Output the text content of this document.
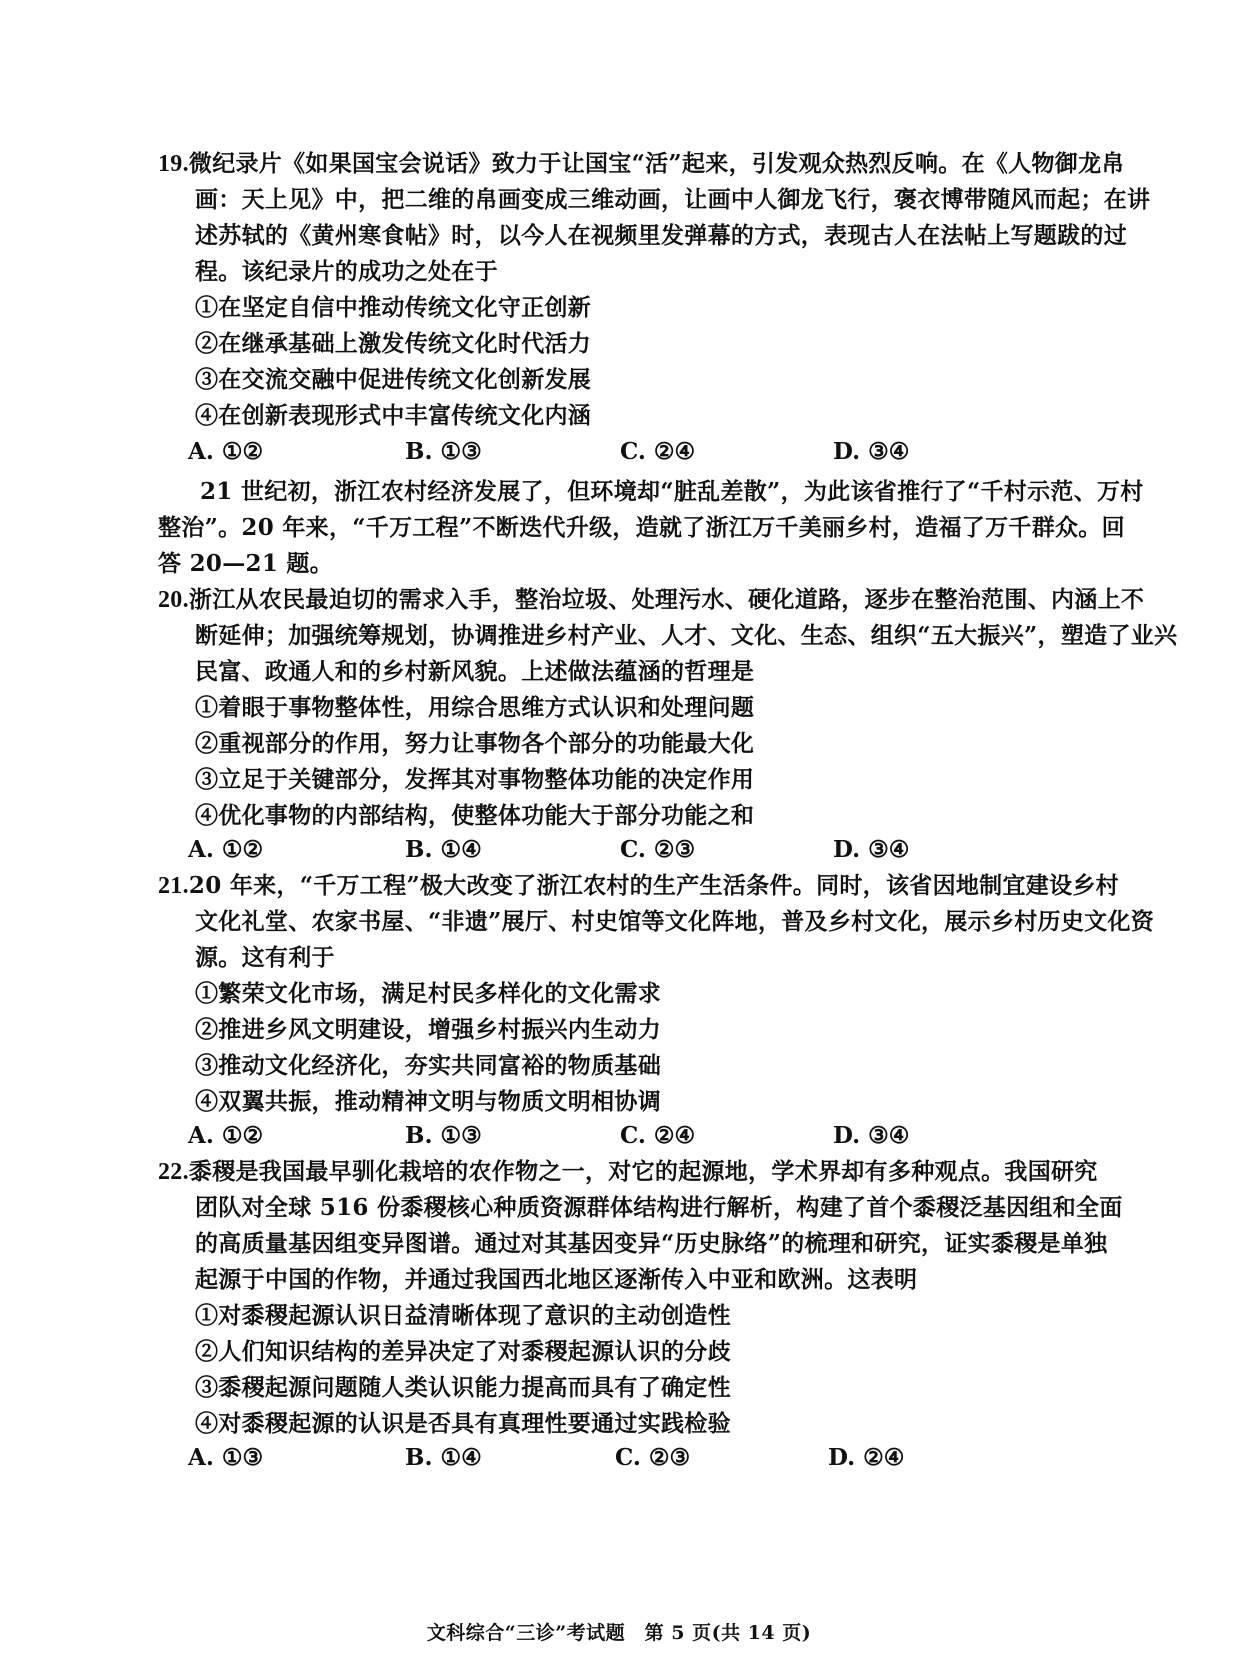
19.微纪录片《如果国宝会说话》致力于让国宝“活”起来，引发观众热烈反响。在《人物御龙帛
画：天上见》中，把二维的帛画变成三维动画，让画中人御龙飞行，褒衣博带随风而起；在讲
述苏轼的《黄州寒食帖》时，以今人在视频里发弹幕的方式，表现古人在法帖上写题跋的过
程。该纪录片的成功之处在于
①在坚定自信中推动传统文化守正创新
②在继承基础上激发传统文化时代活力
③在交流交融中促进传统文化创新发展
④在创新表现形式中丰富传统文化内涵
A. ①②	B. ①③	C. ②④	D. ③④
21 世纪初，浙江农村经济发展了，但环境却“脏乱差散”，为此该省推行了“千村示范、万村
整治”。20 年来，“千万工程”不断迭代升级，造就了浙江万千美丽乡村，造福了万千群众。回
答 20—21 题。
20.浙江从农民最迫切的需求入手，整治垃圾、处理污水、硬化道路，逐步在整治范围、内涵上不
断延伸；加强统筹规划，协调推进乡村产业、人才、文化、生态、组织“五大振兴”，塑造了业兴
民富、政通人和的乡村新风貌。上述做法蕴涵的哲理是
①着眼于事物整体性，用综合思维方式认识和处理问题
②重视部分的作用，努力让事物各个部分的功能最大化
③立足于关键部分，发挥其对事物整体功能的决定作用
④优化事物的内部结构，使整体功能大于部分功能之和
A. ①②	B. ①④	C. ②③	D. ③④
21.20 年来，“千万工程”极大改变了浙江农村的生产生活条件。同时，该省因地制宜建设乡村
文化礼堂、农家书屋、“非遗”展厅、村史馆等文化阵地，普及乡村文化，展示乡村历史文化资
源。这有利于
①繁荣文化市场，满足村民多样化的文化需求
②推进乡风文明建设，增强乡村振兴内生动力
③推动文化经济化，夯实共同富裕的物质基础
④双翼共振，推动精神文明与物质文明相协调
A. ①②	B. ①③	C. ②④	D. ③④
22.黍稷是我国最早驯化栽培的农作物之一，对它的起源地，学术界却有多种观点。我国研究
团队对全球 516 份黍稷核心种质资源群体结构进行解析，构建了首个黍稷泛基因组和全面
的高质量基因组变异图谱。通过对其基因变异“历史脉络”的梳理和研究，证实黍稷是单独
起源于中国的作物，并通过我国西北地区逐渐传入中亚和欧洲。这表明
①对黍稷起源认识日益清晰体现了意识的主动创造性
②人们知识结构的差异决定了对黍稷起源认识的分歧
③黍稷起源问题随人类认识能力提高而具有了确定性
④对黍稷起源的认识是否具有真理性要通过实践检验
A. ①③	B. ①④	C. ②③	D. ②④
文科综合“三诊”考试题　第 5 页(共 14 页)
